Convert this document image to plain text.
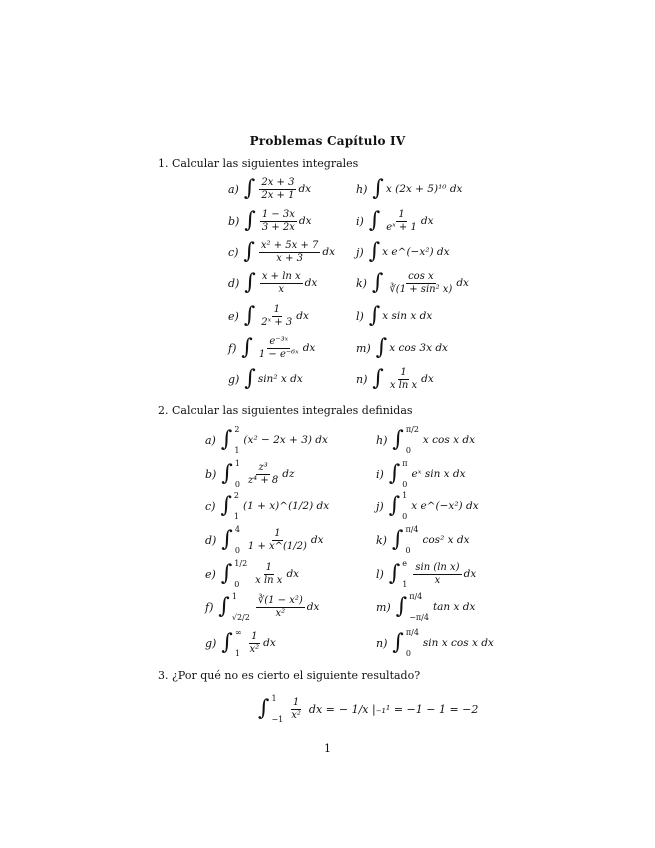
Problemas Capítulo IV
1. Calcular las siguientes integrales
a) ∫ $\frac{2x + 3}{2x + 1}$ dx
b) ∫ $\frac{1 - 3x}{3 + 2x}$ dx
c) ∫ $\frac{\text{x² + 5x + 7}}{x + 3}$ dx
d) ∫ $\frac{\text{x + ln x}}{x}$ dx
e) ∫ $\frac{1}{\text{2ˣ + 3}}$ dx
f) ∫ $\frac{\text{e⁻³ˣ}}{\text{1 − e⁻⁶ˣ}}$ dx
g) ∫ sin² x dx
h) ∫ x (2x + 5)¹⁰ dx
i) ∫ $\frac{1}{\text{eˣ + 1}}$ dx
j) ∫ x e^(−x²) dx
k) ∫ $\frac{\text{cos x}}{\text{∛(1 + sin² x)}}$ dx
l) ∫ x sin x dx
m) ∫ x cos 3x dx
n) ∫ $\frac{1}{\text{x ln x}}$ dx
2. Calcular las siguientes integrales definidas
a) ∫ 2
1
(x² − 2x + 3) dx
b) ∫ 1
$0 \frac{\text{z³}}{\text{z⁴ + 8}}$ dz
c) ∫ 2
1
(1 + x)^(1/2) dx
d) ∫ 4
$0 \frac{1}{1 + x\^{}(1/2)}$ dx
e) ∫ 1/2
0	$\frac{1}{\text{x ln x}}$ dx
f) ∫ 1
$√2/2 \frac{\text{∛(1 − x²)}}{\text{x²}}$ dx
g) ∫ ∞
$1 \frac{1}{\text{x²}}$ dx
h) ∫ π/2
0
x cos x dx
i) ∫ π
0
eˣ sin x dx
j) ∫ 1
0
x e^(−x²) dx
k) ∫ π/4
0
cos² x dx
l) ∫ e
$1 \frac{\text{sin (ln x)}}{x}$ dx
m) ∫ π/4
−π/4
tan x dx
n) ∫ π/4
0
sin x cos x dx
3. ¿Por qué no es cierto el siguiente resultado?
∫ 1
$-1 \frac{1}{\text{x²}}$ dx = − 1/x |₋₁¹ = −1 − 1 = −2
1
